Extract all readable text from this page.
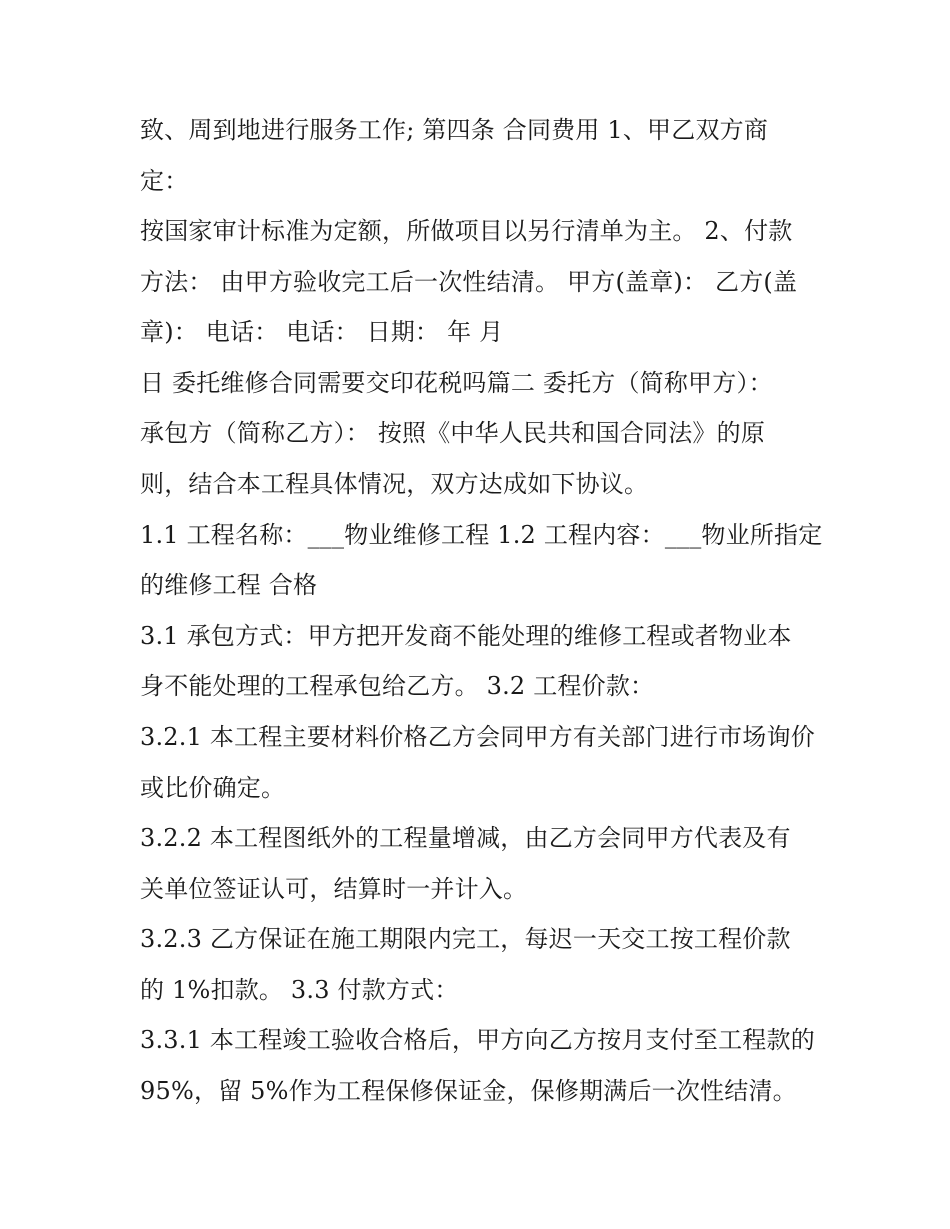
致、周到地进行服务工作; 第四条 合同费用 1、甲乙双方商
定：
按国家审计标准为定额，所做项目以另行清单为主。 2、付款
方法： 由甲方验收完工后一次性结清。 甲方(盖章)： 乙方(盖
章)： 电话： 电话： 日期： 年 月
日 委托维修合同需要交印花税吗篇二 委托方（简称甲方）：
承包方（简称乙方）： 按照《中华人民共和国合同法》的原
则，结合本工程具体情况，双方达成如下协议。
1.1 工程名称：___物业维修工程 1.2 工程内容：___物业所指定
的维修工程 合格
3.1 承包方式：甲方把开发商不能处理的维修工程或者物业本
身不能处理的工程承包给乙方。 3.2 工程价款：
3.2.1 本工程主要材料价格乙方会同甲方有关部门进行市场询价
或比价确定。
3.2.2 本工程图纸外的工程量增减，由乙方会同甲方代表及有
关单位签证认可，结算时一并计入。
3.2.3 乙方保证在施工期限内完工，每迟一天交工按工程价款
的 1%扣款。 3.3 付款方式：
3.3.1 本工程竣工验收合格后，甲方向乙方按月支付至工程款的
95%，留 5%作为工程保修保证金，保修期满后一次性结清。
